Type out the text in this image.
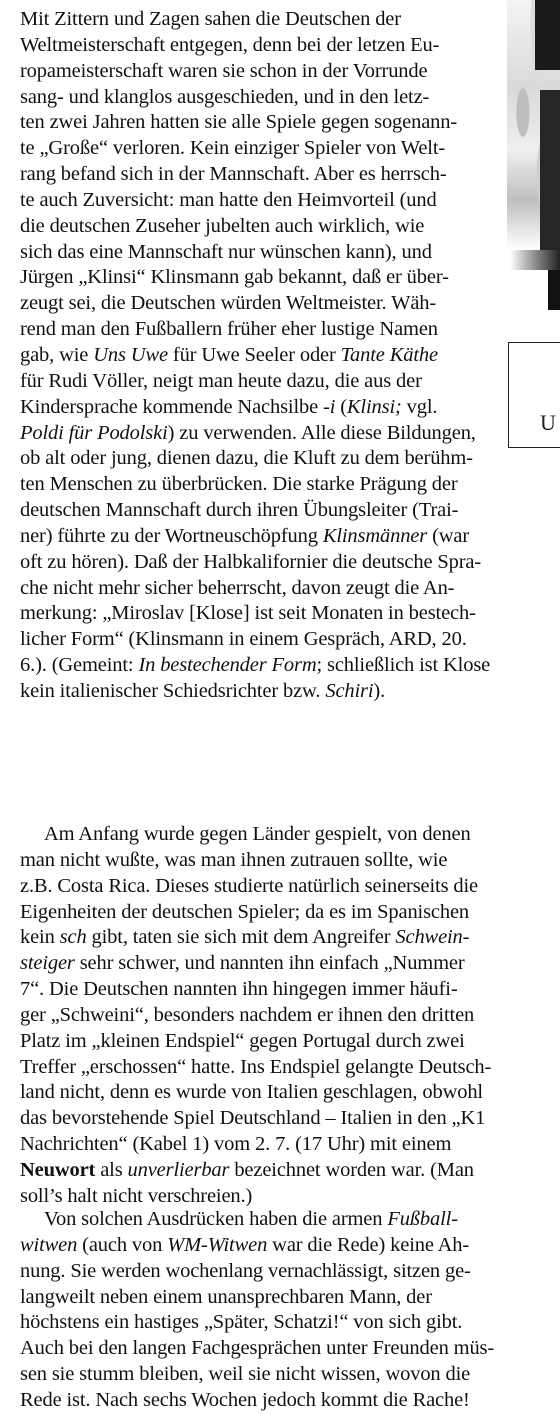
U
Mit Zittern und Zagen sahen die Deutschen der
Weltmeisterschaft entgegen, denn bei der letzen Eu-
ropameisterschaft waren sie schon in der Vorrunde
sang- und klanglos ausgeschieden, und in den letz-
ten zwei Jahren hatten sie alle Spiele gegen sogenann-
te „Große“ verloren. Kein einziger Spieler von Welt-
rang befand sich in der Mannschaft. Aber es herrsch-
te auch Zuversicht: man hatte den Heimvorteil (und
die deutschen Zuseher jubelten auch wirklich, wie
sich das eine Mannschaft nur wünschen kann), und
Jürgen „Klinsi“ Klinsmann gab bekannt, daß er über-
zeugt sei, die Deutschen würden Weltmeister. Wäh-
rend man den Fußballern früher eher lustige Namen
gab, wie Uns Uwe für Uwe Seeler oder Tante Käthe
für Rudi Völler, neigt man heute dazu, die aus der
Kindersprache kommende Nachsilbe -i (Klinsi; vgl.
Poldi für Podolski) zu verwenden. Alle diese Bildungen,
ob alt oder jung, dienen dazu, die Kluft zu dem berühm-
ten Menschen zu überbrücken. Die starke Prägung der
deutschen Mannschaft durch ihren Übungsleiter (Trai-
ner) führte zu der Wortneuschöpfung Klinsmänner (war
oft zu hören). Daß der Halbkalifornier die deutsche Spra-
che nicht mehr sicher beherrscht, davon zeugt die An-
merkung: „Miroslav [Klose] ist seit Monaten in bestech-
licher Form“ (Klinsmann in einem Gespräch, ARD, 20.
6.). (Gemeint: In bestechender Form; schließlich ist Klose
kein italienischer Schiedsrichter bzw. Schiri).
Am Anfang wurde gegen Länder gespielt, von denen
man nicht wußte, was man ihnen zutrauen sollte, wie
z.B. Costa Rica. Dieses studierte natürlich seinerseits die
Eigenheiten der deutschen Spieler; da es im Spanischen
kein sch gibt, taten sie sich mit dem Angreifer Schwein-
steiger sehr schwer, und nannten ihn einfach „Nummer
7“. Die Deutschen nannten ihn hingegen immer häufi-
ger „Schweini“, besonders nachdem er ihnen den dritten
Platz im „kleinen Endspiel“ gegen Portugal durch zwei
Treffer „erschossen“ hatte. Ins Endspiel gelangte Deutsch-
land nicht, denn es wurde von Italien geschlagen, obwohl
das bevorstehende Spiel Deutschland – Italien in den „K1
Nachrichten“ (Kabel 1) vom 2. 7. (17 Uhr) mit einem
Neuwort als unverlierbar bezeichnet worden war. (Man
soll’s halt nicht verschreien.)
Von solchen Ausdrücken haben die armen Fußball-
witwen (auch von WM-Witwen war die Rede) keine Ah-
nung. Sie werden wochenlang vernachlässigt, sitzen ge-
langweilt neben einem unansprechbaren Mann, der
höchstens ein hastiges „Später, Schatzi!“ von sich gibt.
Auch bei den langen Fachgesprächen unter Freunden müs-
sen sie stumm bleiben, weil sie nicht wissen, wovon die
Rede ist. Nach sechs Wochen jedoch kommt die Rache!
